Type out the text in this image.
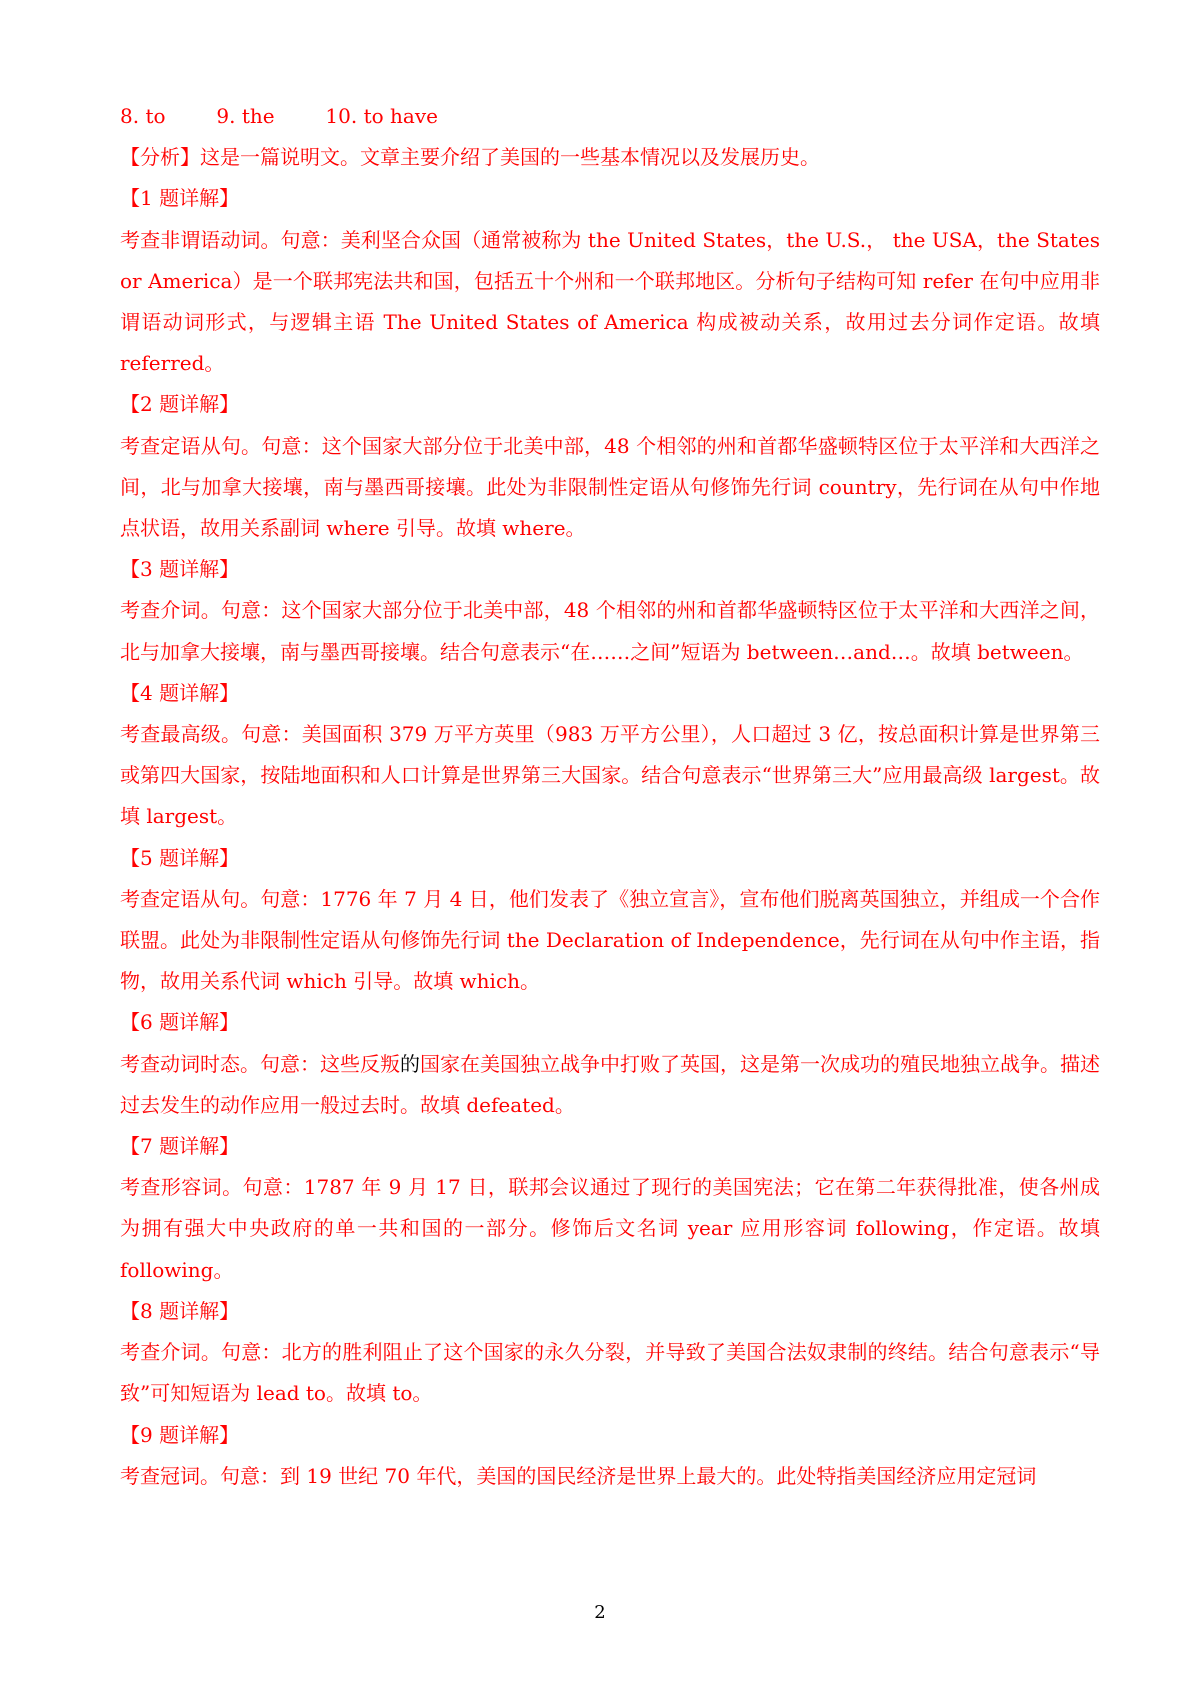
8. to        9. the        10. to have

【分析】这是一篇说明文。文章主要介绍了美国的一些基本情况以及发展历史。

【1 题详解】

考查非谓语动词。句意：美利坚合众国（通常被称为 the United States，the U.S.， the USA，the States or America）是一个联邦宪法共和国，包括五十个州和一个联邦地区。分析句子结构可知 refer 在句中应用非谓语动词形式，与逻辑主语 The United States of America 构成被动关系，故用过去分词作定语。故填 referred。

【2 题详解】

考查定语从句。句意：这个国家大部分位于北美中部，48 个相邻的州和首都华盛顿特区位于太平洋和大西洋之间，北与加拿大接壤，南与墨西哥接壤。此处为非限制性定语从句修饰先行词 country，先行词在从句中作地点状语，故用关系副词 where 引导。故填 where。

【3 题详解】

考查介词。句意：这个国家大部分位于北美中部，48 个相邻的州和首都华盛顿特区位于太平洋和大西洋之间，北与加拿大接壤，南与墨西哥接壤。结合句意表示“在……之间”短语为 between…and…。故填 between。

【4 题详解】

考查最高级。句意：美国面积 379 万平方英里（983 万平方公里），人口超过 3 亿，按总面积计算是世界第三或第四大国家，按陆地面积和人口计算是世界第三大国家。结合句意表示“世界第三大”应用最高级 largest。故填 largest。

【5 题详解】

考查定语从句。句意：1776 年 7 月 4 日，他们发表了《独立宣言》，宣布他们脱离英国独立，并组成一个合作联盟。此处为非限制性定语从句修饰先行词 the Declaration of Independence，先行词在从句中作主语，指物，故用关系代词 which 引导。故填 which。

【6 题详解】

考查动词时态。句意：这些反叛的国家在美国独立战争中打败了英国，这是第一次成功的殖民地独立战争。描述过去发生的动作应用一般过去时。故填 defeated。

【7 题详解】

考查形容词。句意：1787 年 9 月 17 日，联邦会议通过了现行的美国宪法；它在第二年获得批准，使各州成为拥有强大中央政府的单一共和国的一部分。修饰后文名词 year 应用形容词 following，作定语。故填 following。

【8 题详解】

考查介词。句意：北方的胜利阻止了这个国家的永久分裂，并导致了美国合法奴隶制的终结。结合句意表示“导致”可知短语为 lead to。故填 to。

【9 题详解】

考查冠词。句意：到 19 世纪 70 年代，美国的国民经济是世界上最大的。此处特指美国经济应用定冠词

2
